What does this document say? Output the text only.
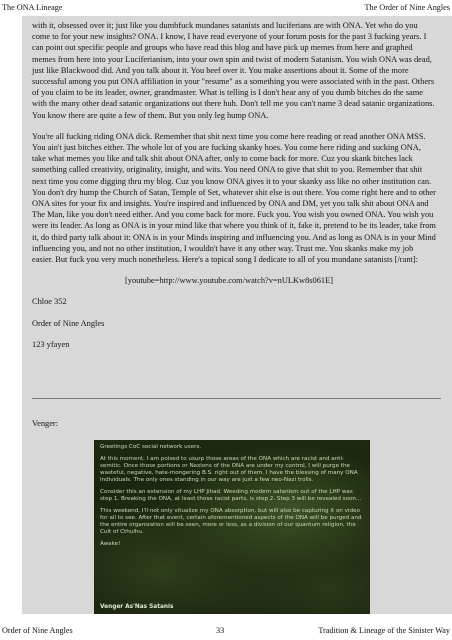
The ONA Lineage	The Order of Nine Angles

with it, obsessed over it; just like you dumbfuck mundanes satanists and luciferians are with ONA. Yet who do you come to for your new insights? ONA. I know, I have read everyone of your forum posts for the past 3 fucking years. I can point out specific people and groups who have read this blog and have pick up memes from here and graphed memes from here into your Luciferianism, into your own spin and twist of modern Satanism. You wish ONA was dead, just like Blackwood did. And you talk about it. You beef over it. You make assertions about it. Some of the more successful among you put ONA affiliation in your "resume" as a something you were associated with in the past. Others of you claim to be its leader, owner, grandmaster. What is telling is I don't hear any of you dumb bitches do the same with the many other dead satanic organizations out there huh. Don't tell me you can't name 3 dead satanic organizations. You know there are quite a few of them. But you only leg hump ONA.

You're all fucking riding ONA dick. Remember that shit next time you come here reading or read another ONA MSS. You ain't just bitches either. The whole lot of you are fucking skanky hoes. You come here riding and sucking ONA, take what memes you like and talk shit about ONA after, only to come back for more. Cuz you skank bitches lack something called creativity, originality, insight, and wits. You need ONA to give that shit to you. Remember that shit next time you come digging thru my blog. Cuz you know ONA gives it to your skanky ass like no other institution can. You don't dry hump the Church of Satan, Temple of Set, whatever shit else is out there. You come right here and to other ONA sites for your fix and insights. You're inspired and influenced by ONA and DM, yet you talk shit about ONA and The Man, like you don't need either. And you come back for more. Fuck you. You wish you owned ONA. You wish you were its leader. As long as ONA is in your mind like that where you think of it, fake it, pretend to be its leader, take from it, do third party talk about it: ONA is in your Minds inspiring and influencing you. And as long as ONA is in your Mind influencing you, and not no other institution, I wouldn't have it any other way. Trust me. You skanks make my job easier. But fuck you very much nonetheless. Here's a topical song I dedicate to all of you mundane satanists [/rant]:

[youtube=http://www.youtube.com/watch?v=nULKw8s061E]

Chloe 352

Order of Nine Angles

123 yfayen

Venger:

Greetings CoC social network users,

At this moment, I am poised to usurp those areas of the ONA which are racist and anti-semitic. Once those portions or Nexions of the ONA are under my control, I will purge the wasteful, negative, hate-mongering B.S. right out of them. I have the blessing of many ONA individuals. The only ones standing in our way are just a few neo-Nazi trolls.

Consider this an extension of my LHP Jihad. Weeding modern satanism out of the LHP was step 1. Breaking the ONA, at least those racist parts, is step 2. Step 3 will be revealed soon...

This weekend, I'll not only vitualize my ONA absorption, but will also be capturing it on video for all to see. After that event, certain aforementioned aspects of the ONA will be purged and the entire organization will be seen, more or less, as a division of our quantum religion, the Cult of Cthulhu.

Awake!

Venger As'Nas Satanis
Order of Nine Angles	33	Tradition & Lineage of the Sinister Way
